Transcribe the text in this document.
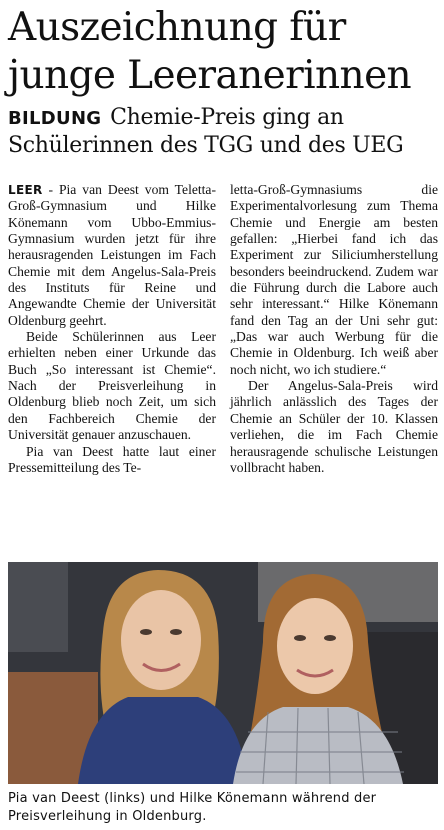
Auszeichnung für junge Leeranerinnen
BILDUNG Chemie-Preis ging an Schülerinnen des TGG und des UEG

LEER - Pia van Deest vom Teletta-Groß-Gymnasium und Hilke Könemann vom Ubbo-Emmius-Gymnasium wurden jetzt für ihre herausragenden Leistungen im Fach Chemie mit dem Angelus-Sala-Preis des Instituts für Reine und Angewandte Chemie der Universität Oldenburg geehrt.

Beide Schülerinnen aus Leer erhielten neben einer Urkunde das Buch „So interessant ist Chemie“. Nach der Preisverleihung in Oldenburg blieb noch Zeit, um sich den Fachbereich Chemie der Universität genauer anzuschauen.

Pia van Deest hatte laut einer Pressemitteilung des Te-

letta-Groß-Gymnasiums die Experimentalvorlesung zum Thema Chemie und Energie am besten gefallen: „Hierbei fand ich das Experiment zur Siliciumherstellung besonders beeindruckend. Zudem war die Führung durch die Labore auch sehr interessant.“ Hilke Könemann fand den Tag an der Uni sehr gut: „Das war auch Werbung für die Chemie in Oldenburg. Ich weiß aber noch nicht, wo ich studiere.“

Der Angelus-Sala-Preis wird jährlich anlässlich des Tages der Chemie an Schüler der 10. Klassen verliehen, die im Fach Chemie herausragende schulische Leistungen vollbracht haben.

Pia van Deest (links) und Hilke Könemann während der Preisverleihung in Oldenburg.
